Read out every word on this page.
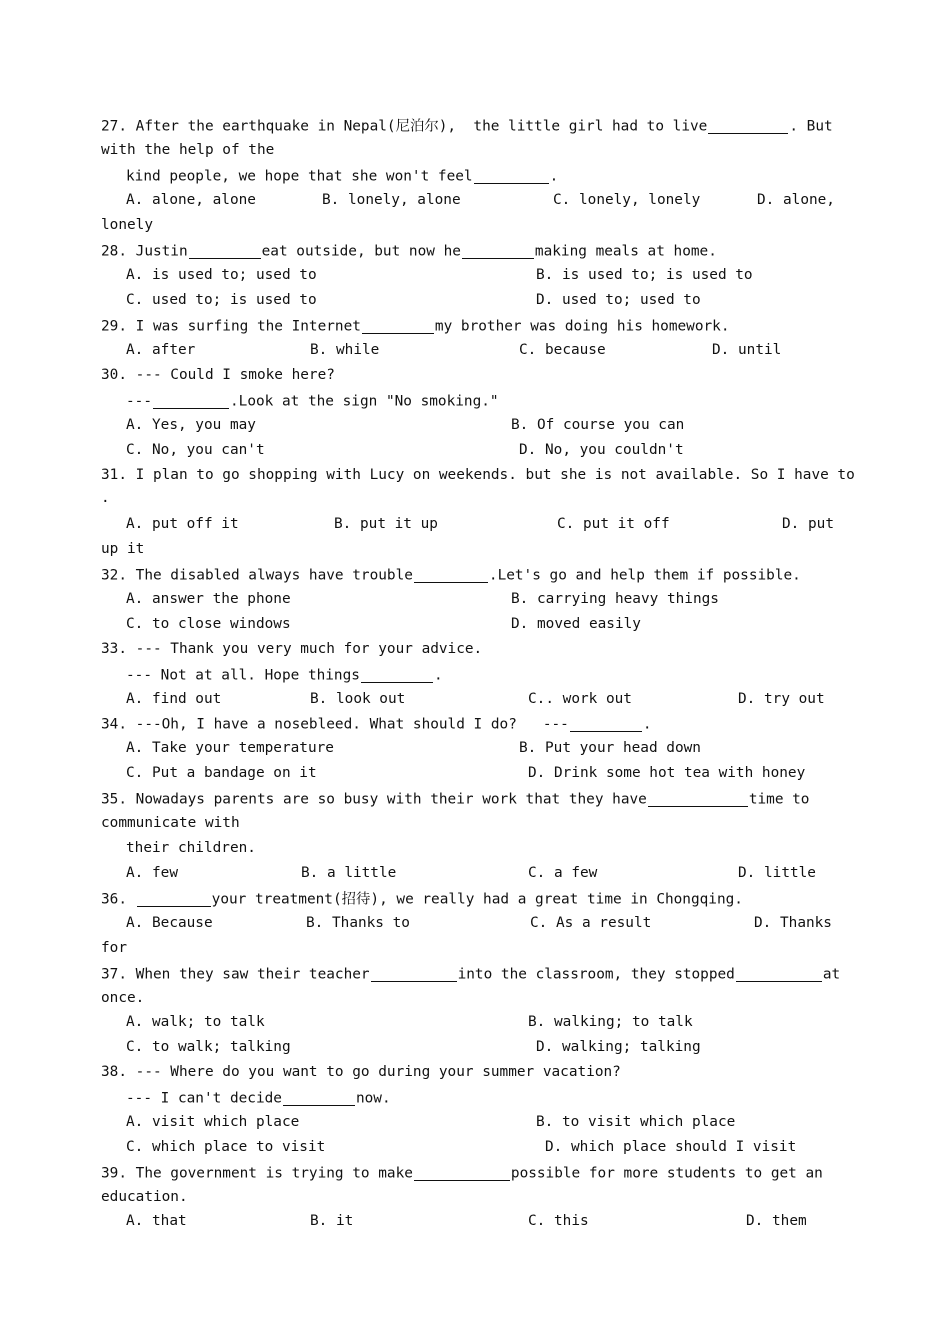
27. After the earthquake in Nepal(尼泊尔),  the little girl had to live	. But
with the help of the
kind people, we hope that she won't feel	.
A. alone, alone	B. lonely, alone	C. lonely, lonely	D. alone,
lonely
28. Justin	eat outside, but now he	making meals at home.
A. is used to; used to	B. is used to; is used to
C. used to; is used to	D. used to; used to
29. I was surfing the Internet	my brother was doing his homework.
A. after	B. while	C. because	D. until
30. --- Could I smoke here?
---	.Look at the sign "No smoking."
A. Yes, you may	B. Of course you can
C. No, you can't	D. No, you couldn't
31. I plan to go shopping with Lucy on weekends. but she is not available. So I have to
.
A. put off it	B. put it up	C. put it off	D. put
up it
32. The disabled always have trouble	.Let's go and help them if possible.
A. answer the phone	B. carrying heavy things
C. to close windows	D. moved easily
33. --- Thank you very much for your advice.
--- Not at all. Hope things	.
A. find out	B. look out	C.. work out	D. try out
34. ---Oh, I have a nosebleed. What should I do?   ---	.
A. Take your temperature	B. Put your head down
C. Put a bandage on it	D. Drink some hot tea with honey
35. Nowadays parents are so busy with their work that they have	time to
communicate with
their children.
A. few	B. a little	C. a few	D. little
36.	your treatment(招待), we really had a great time in Chongqing.
A. Because	B. Thanks to	C. As a result	D. Thanks
for
37. When they saw their teacher	into the classroom, they stopped	at
once.
A. walk; to talk	B. walking; to talk
C. to walk; talking	D. walking; talking
38. --- Where do you want to go during your summer vacation?
--- I can't decide	now.
A. visit which place	B. to visit which place
C. which place to visit	D. which place should I visit
39. The government is trying to make	possible for more students to get an
education.
A. that	B. it	C. this	D. them
